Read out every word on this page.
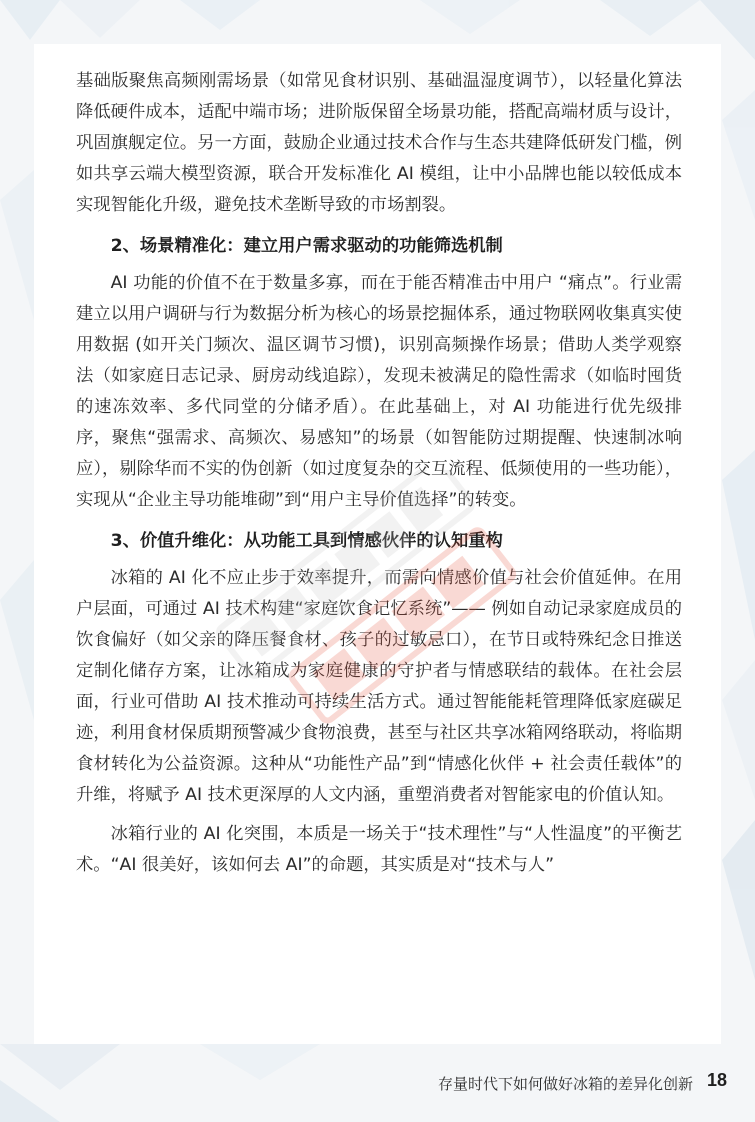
基础版聚焦高频刚需场景（如常见食材识别、基础温湿度调节），以轻量化算法降低硬件成本，适配中端市场；进阶版保留全场景功能，搭配高端材质与设计，巩固旗舰定位。另一方面，鼓励企业通过技术合作与生态共建降低研发门槛，例如共享云端大模型资源，联合开发标准化 AI 模组，让中小品牌也能以较低成本实现智能化升级，避免技术垄断导致的市场割裂。

2、场景精准化：建立用户需求驱动的功能筛选机制

AI 功能的价值不在于数量多寡，而在于能否精准击中用户 “痛点”。行业需建立以用户调研与行为数据分析为核心的场景挖掘体系，通过物联网收集真实使用数据 (如开关门频次、温区调节习惯)，识别高频操作场景；借助人类学观察法（如家庭日志记录、厨房动线追踪），发现未被满足的隐性需求（如临时囤货的速冻效率、多代同堂的分储矛盾）。在此基础上，对 AI 功能进行优先级排序，聚焦“强需求、高频次、易感知”的场景（如智能防过期提醒、快速制冰响应），剔除华而不实的伪创新（如过度复杂的交互流程、低频使用的一些功能），实现从“企业主导功能堆砌”到“用户主导价值选择”的转变。

3、价值升维化：从功能工具到情感伙伴的认知重构

冰箱的 AI 化不应止步于效率提升，而需向情感价值与社会价值延伸。在用户层面，可通过 AI 技术构建“家庭饮食记忆系统”—— 例如自动记录家庭成员的饮食偏好（如父亲的降压餐食材、孩子的过敏忌口），在节日或特殊纪念日推送定制化储存方案，让冰箱成为家庭健康的守护者与情感联结的载体。在社会层面，行业可借助 AI 技术推动可持续生活方式。通过智能能耗管理降低家庭碳足迹，利用食材保质期预警减少食物浪费，甚至与社区共享冰箱网络联动，将临期食材转化为公益资源。这种从“功能性产品”到“情感化伙伴 + 社会责任载体”的升维，将赋予 AI 技术更深厚的人文内涵，重塑消费者对智能家电的价值认知。

冰箱行业的 AI 化突围，本质是一场关于“技术理性”与“人性温度”的平衡艺术。“AI 很美好，该如何去 AI”的命题，其实质是对“技术与人”

存量时代下如何做好冰箱的差异化创新 18
